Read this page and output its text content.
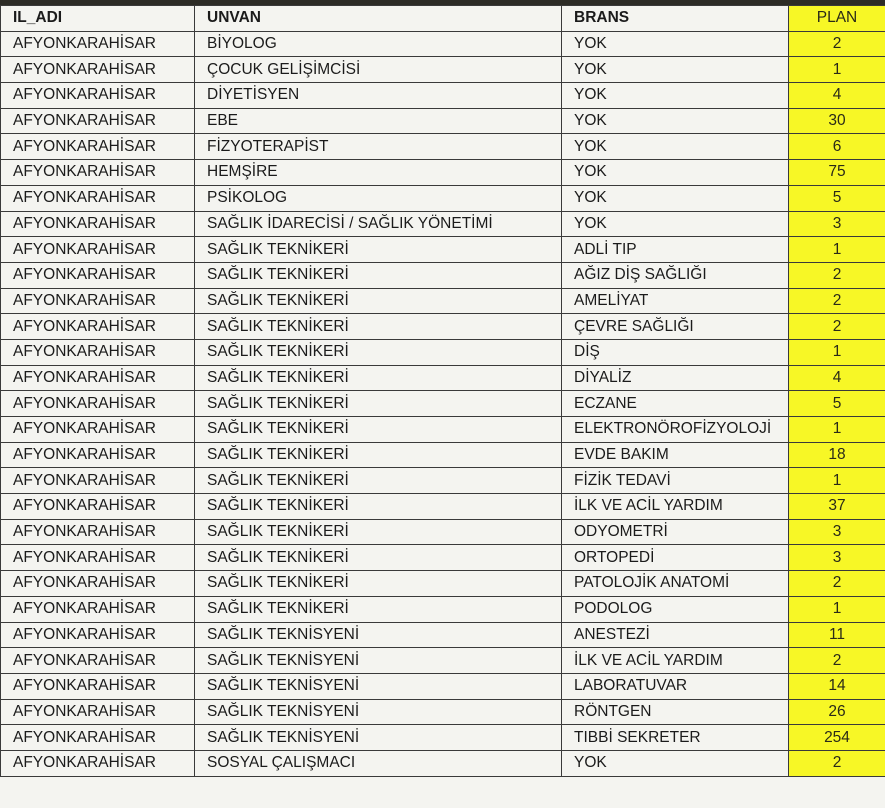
IL_ADI	UNVAN	BRANS	PLAN
AFYONKARAHİSAR	BİYOLOG	YOK	2
AFYONKARAHİSAR	ÇOCUK GELİŞİMCİSİ	YOK	1
AFYONKARAHİSAR	DİYETİSYEN	YOK	4
AFYONKARAHİSAR	EBE	YOK	30
AFYONKARAHİSAR	FİZYOTERAPİST	YOK	6
AFYONKARAHİSAR	HEMŞİRE	YOK	75
AFYONKARAHİSAR	PSİKOLOG	YOK	5
AFYONKARAHİSAR	SAĞLIK İDARECİSİ / SAĞLIK YÖNETİMİ	YOK	3
AFYONKARAHİSAR	SAĞLIK TEKNİKERİ	ADLİ TIP	1
AFYONKARAHİSAR	SAĞLIK TEKNİKERİ	AĞIZ DİŞ SAĞLIĞI	2
AFYONKARAHİSAR	SAĞLIK TEKNİKERİ	AMELİYAT	2
AFYONKARAHİSAR	SAĞLIK TEKNİKERİ	ÇEVRE SAĞLIĞI	2
AFYONKARAHİSAR	SAĞLIK TEKNİKERİ	DİŞ	1
AFYONKARAHİSAR	SAĞLIK TEKNİKERİ	DİYALİZ	4
AFYONKARAHİSAR	SAĞLIK TEKNİKERİ	ECZANE	5
AFYONKARAHİSAR	SAĞLIK TEKNİKERİ	ELEKTRONÖROFİZYOLOJİ	1
AFYONKARAHİSAR	SAĞLIK TEKNİKERİ	EVDE BAKIM	18
AFYONKARAHİSAR	SAĞLIK TEKNİKERİ	FİZİK TEDAVİ	1
AFYONKARAHİSAR	SAĞLIK TEKNİKERİ	İLK VE ACİL YARDIM	37
AFYONKARAHİSAR	SAĞLIK TEKNİKERİ	ODYOMETRİ	3
AFYONKARAHİSAR	SAĞLIK TEKNİKERİ	ORTOPEDİ	3
AFYONKARAHİSAR	SAĞLIK TEKNİKERİ	PATOLOJİK ANATOMİ	2
AFYONKARAHİSAR	SAĞLIK TEKNİKERİ	PODOLOG	1
AFYONKARAHİSAR	SAĞLIK TEKNİSYENİ	ANESTEZİ	11
AFYONKARAHİSAR	SAĞLIK TEKNİSYENİ	İLK VE ACİL YARDIM	2
AFYONKARAHİSAR	SAĞLIK TEKNİSYENİ	LABORATUVAR	14
AFYONKARAHİSAR	SAĞLIK TEKNİSYENİ	RÖNTGEN	26
AFYONKARAHİSAR	SAĞLIK TEKNİSYENİ	TIBBİ SEKRETER	254
AFYONKARAHİSAR	SOSYAL ÇALIŞMACI	YOK	2
